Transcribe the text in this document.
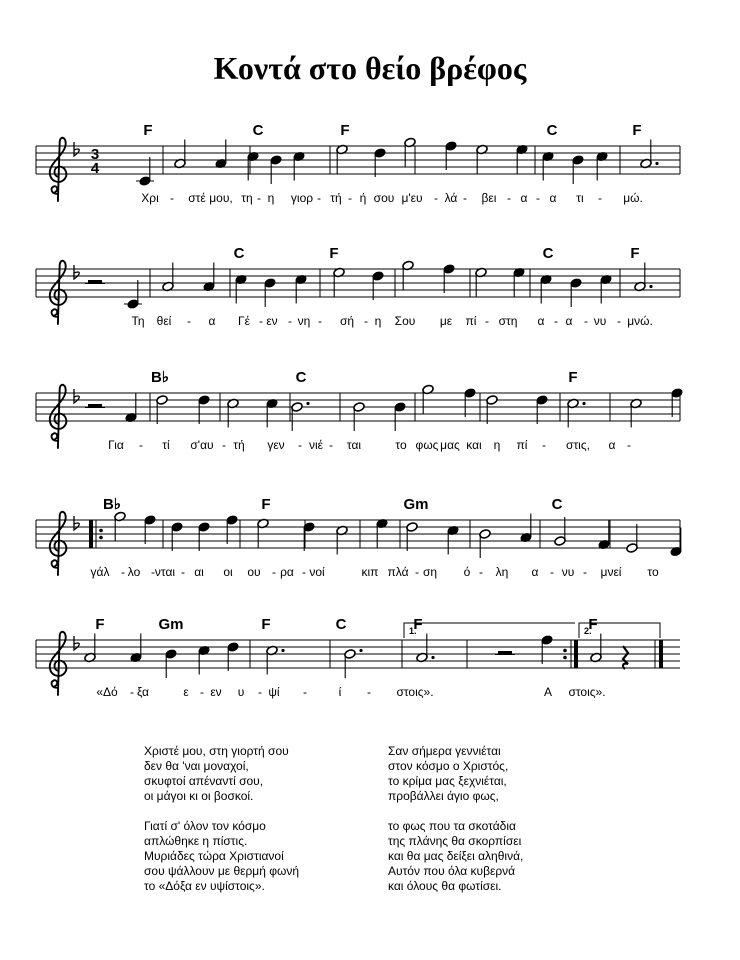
Κοντά στο θείο βρέφος
F	C	F	C	F
Χρι - στέ μου, τη - η γιορ - τή - ή σου μ'ευ - λά - βει - α - α τι - μώ.
C	F	C	F
Τη θεί - α Γέ - εν - νη - σή - η Σου με πί - στη α - α - νυ - μνώ.
B♭	C	F
Για - τί σ'αυ - τή γεν - νιέ - ται	το φως μας και η πί - στις, α -
B♭	F	Gm	C
γάλ - λο - νται - αι οι ου - ρα - νοί	κιπ πλά - ση ό - λη α - νυ - μνεί το
F	Gm	F	C	F	F
«Δό - ξα	ε - εν υ - ψί -	ί - στοις».	Α στοις».
3
4
1.	2.
Χριστέ μου, στη γιορτή σου
δεν θα 'ναι μοναχοί,
σκυφτοί απέναντί σου,
οι μάγοι κι οι βοσκοί.
Γιατί σ' όλον τον κόσμο
απλώθηκε η πίστις.
Μυριάδες τώρα Χριστιανοί
σου ψάλλουν με θερμή φωνή
το «Δόξα εν υψίστοις».
Σαν σήμερα γεννιέται
στον κόσμο ο Χριστός,
το κρίμα μας ξεχνιέται,
προβάλλει άγιο φως,
το φως που τα σκοτάδια
της πλάνης θα σκορπίσει
και θα μας δείξει αληθινά,
Αυτόν που όλα κυβερνά
και όλους θα φωτίσει.
